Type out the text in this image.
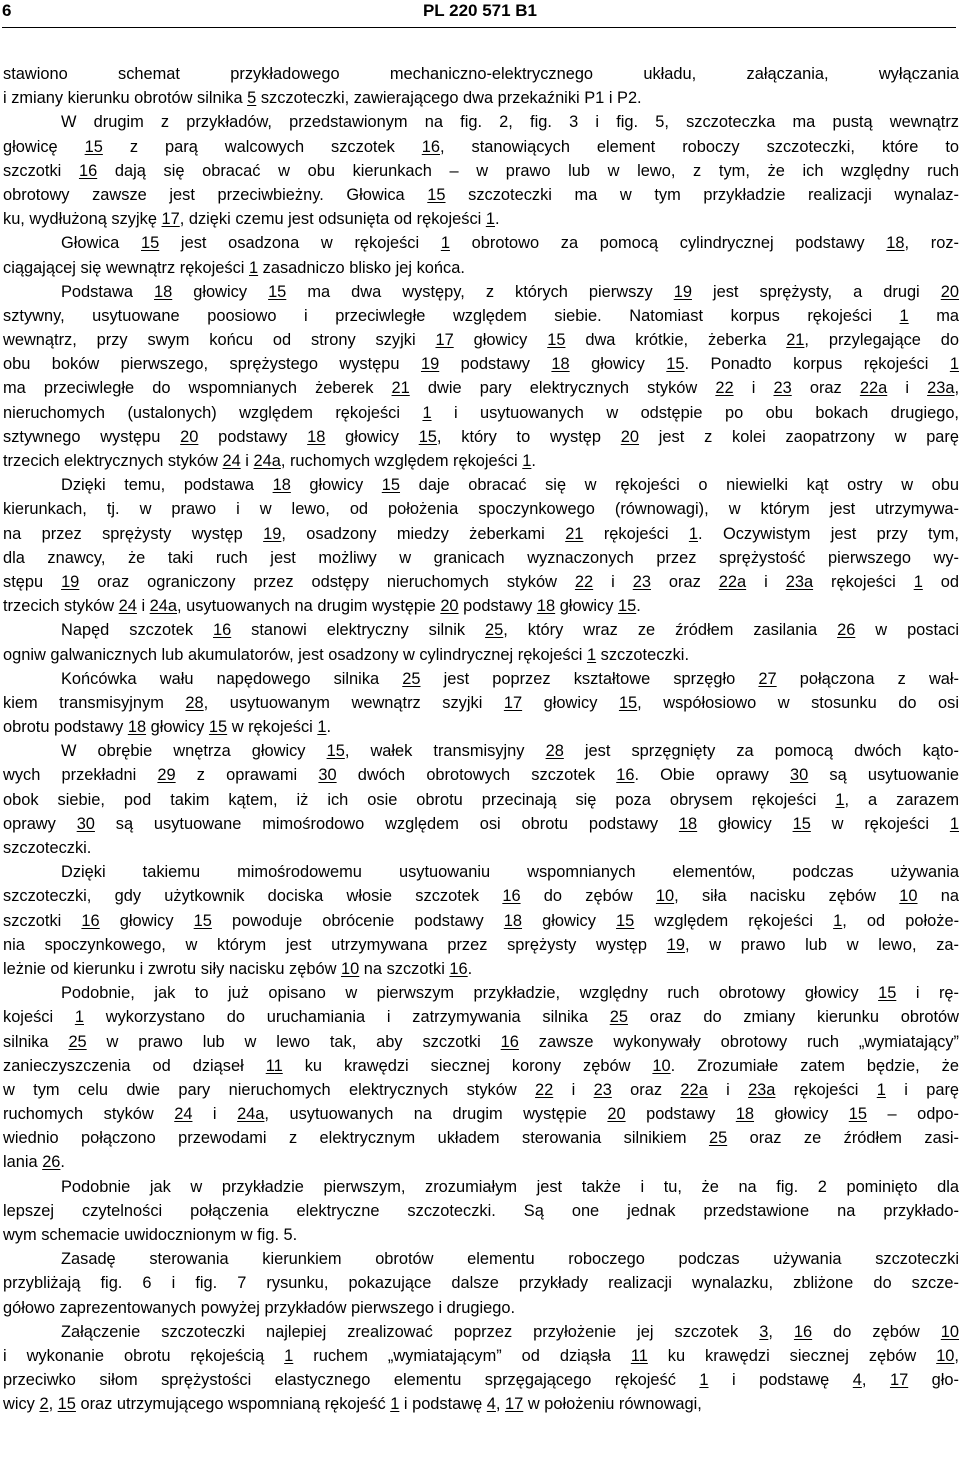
6	PL 220 571 B1
stawiono schemat przykładowego mechaniczno-elektrycznego układu, załączania, wyłączania
i zmiany kierunku obrotów silnika 5 szczoteczki, zawierającego dwa przekaźniki P1 i P2.
W drugim z przykładów, przedstawionym na fig. 2, fig. 3 i fig. 5, szczoteczka ma pustą wewnątrz
głowicę 15 z parą walcowych szczotek 16, stanowiących element roboczy szczoteczki, które to
szczotki 16 dają się obracać w obu kierunkach – w prawo lub w lewo, z tym, że ich względny ruch
obrotowy zawsze jest przeciwbieżny. Głowica 15 szczoteczki ma w tym przykładzie realizacji wynalaz-
ku, wydłużoną szyjkę 17, dzięki czemu jest odsunięta od rękojeści 1.
Głowica 15 jest osadzona w rękojeści 1 obrotowo za pomocą cylindrycznej podstawy 18, roz-
ciągającej się wewnątrz rękojeści 1 zasadniczo blisko jej końca.
Podstawa 18 głowicy 15 ma dwa występy, z których pierwszy 19 jest sprężysty, a drugi 20
sztywny, usytuowane poosiowo i przeciwległe względem siebie. Natomiast korpus rękojeści 1 ma
wewnątrz, przy swym końcu od strony szyjki 17 głowicy 15 dwa krótkie, żeberka 21, przylegające do
obu boków pierwszego, sprężystego występu 19 podstawy 18 głowicy 15. Ponadto korpus rękojeści 1
ma przeciwległe do wspomnianych żeberek 21 dwie pary elektrycznych styków 22 i 23 oraz 22a i 23a,
nieruchomych (ustalonych) względem rękojeści 1 i usytuowanych w odstępie po obu bokach drugiego,
sztywnego występu 20 podstawy 18 głowicy 15, który to występ 20 jest z kolei zaopatrzony w parę
trzecich elektrycznych styków 24 i 24a, ruchomych względem rękojeści 1.
Dzięki temu, podstawa 18 głowicy 15 daje obracać się w rękojeści o niewielki kąt ostry w obu
kierunkach, tj. w prawo i w lewo, od położenia spoczynkowego (równowagi), w którym jest utrzymywa-
na przez sprężysty występ 19, osadzony miedzy żeberkami 21 rękojeści 1. Oczywistym jest przy tym,
dla znawcy, że taki ruch jest możliwy w granicach wyznaczonych przez sprężystość pierwszego wy-
stępu 19 oraz ograniczony przez odstępy nieruchomych styków 22 i 23 oraz 22a i 23a rękojeści 1 od
trzecich styków 24 i 24a, usytuowanych na drugim występie 20 podstawy 18 głowicy 15.
Napęd szczotek 16 stanowi elektryczny silnik 25, który wraz ze źródłem zasilania 26 w postaci
ogniw galwanicznych lub akumulatorów, jest osadzony w cylindrycznej rękojeści 1 szczoteczki.
Końcówka wału napędowego silnika 25 jest poprzez kształtowe sprzęgło 27 połączona z wał-
kiem transmisyjnym 28, usytuowanym wewnątrz szyjki 17 głowicy 15, współosiowo w stosunku do osi
obrotu podstawy 18 głowicy 15 w rękojeści 1.
W obrębie wnętrza głowicy 15, wałek transmisyjny 28 jest sprzęgnięty za pomocą dwóch kąto-
wych przekładni 29 z oprawami 30 dwóch obrotowych szczotek 16. Obie oprawy 30 są usytuowanie
obok siebie, pod takim kątem, iż ich osie obrotu przecinają się poza obrysem rękojeści 1, a zarazem
oprawy 30 są usytuowane mimośrodowo względem osi obrotu podstawy 18 głowicy 15 w rękojeści 1
szczoteczki.
Dzięki takiemu mimośrodowemu usytuowaniu wspomnianych elementów, podczas używania
szczoteczki, gdy użytkownik dociska włosie szczotek 16 do zębów 10, siła nacisku zębów 10 na
szczotki 16 głowicy 15 powoduje obrócenie podstawy 18 głowicy 15 względem rękojeści 1, od położe-
nia spoczynkowego, w którym jest utrzymywana przez sprężysty występ 19, w prawo lub w lewo, za-
leżnie od kierunku i zwrotu siły nacisku zębów 10 na szczotki 16.
Podobnie, jak to już opisano w pierwszym przykładzie, względny ruch obrotowy głowicy 15 i rę-
kojeści 1 wykorzystano do uruchamiania i zatrzymywania silnika 25 oraz do zmiany kierunku obrotów
silnika 25 w prawo lub w lewo tak, aby szczotki 16 zawsze wykonywały obrotowy ruch „wymiatający”
zanieczyszczenia od dziąseł 11 ku krawędzi siecznej korony zębów 10. Zrozumiałe zatem będzie, że
w tym celu dwie pary nieruchomych elektrycznych styków 22 i 23 oraz 22a i 23a rękojeści 1 i parę
ruchomych styków 24 i 24a, usytuowanych na drugim występie 20 podstawy 18 głowicy 15 – odpo-
wiednio połączono przewodami z elektrycznym układem sterowania silnikiem 25 oraz ze źródłem zasi-
lania 26.
Podobnie jak w przykładzie pierwszym, zrozumiałym jest także i tu, że na fig. 2 pominięto dla
lepszej czytelności połączenia elektryczne szczoteczki. Są one jednak przedstawione na przykłado-
wym schemacie uwidocznionym w fig. 5.
Zasadę sterowania kierunkiem obrotów elementu roboczego podczas używania szczoteczki
przybliżają fig. 6 i fig. 7 rysunku, pokazujące dalsze przykłady realizacji wynalazku, zbliżone do szcze-
gółowo zaprezentowanych powyżej przykładów pierwszego i drugiego.
Załączenie szczoteczki najlepiej zrealizować poprzez przyłożenie jej szczotek 3, 16 do zębów 10
i wykonanie obrotu rękojeścią 1 ruchem „wymiatającym” od dziąsła 11 ku krawędzi siecznej zębów 10,
przeciwko siłom sprężystości elastycznego elementu sprzęgającego rękojeść 1 i podstawę 4, 17 gło-
wicy 2, 15 oraz utrzymującego wspomnianą rękojeść 1 i podstawę 4, 17 w położeniu równowagi,
